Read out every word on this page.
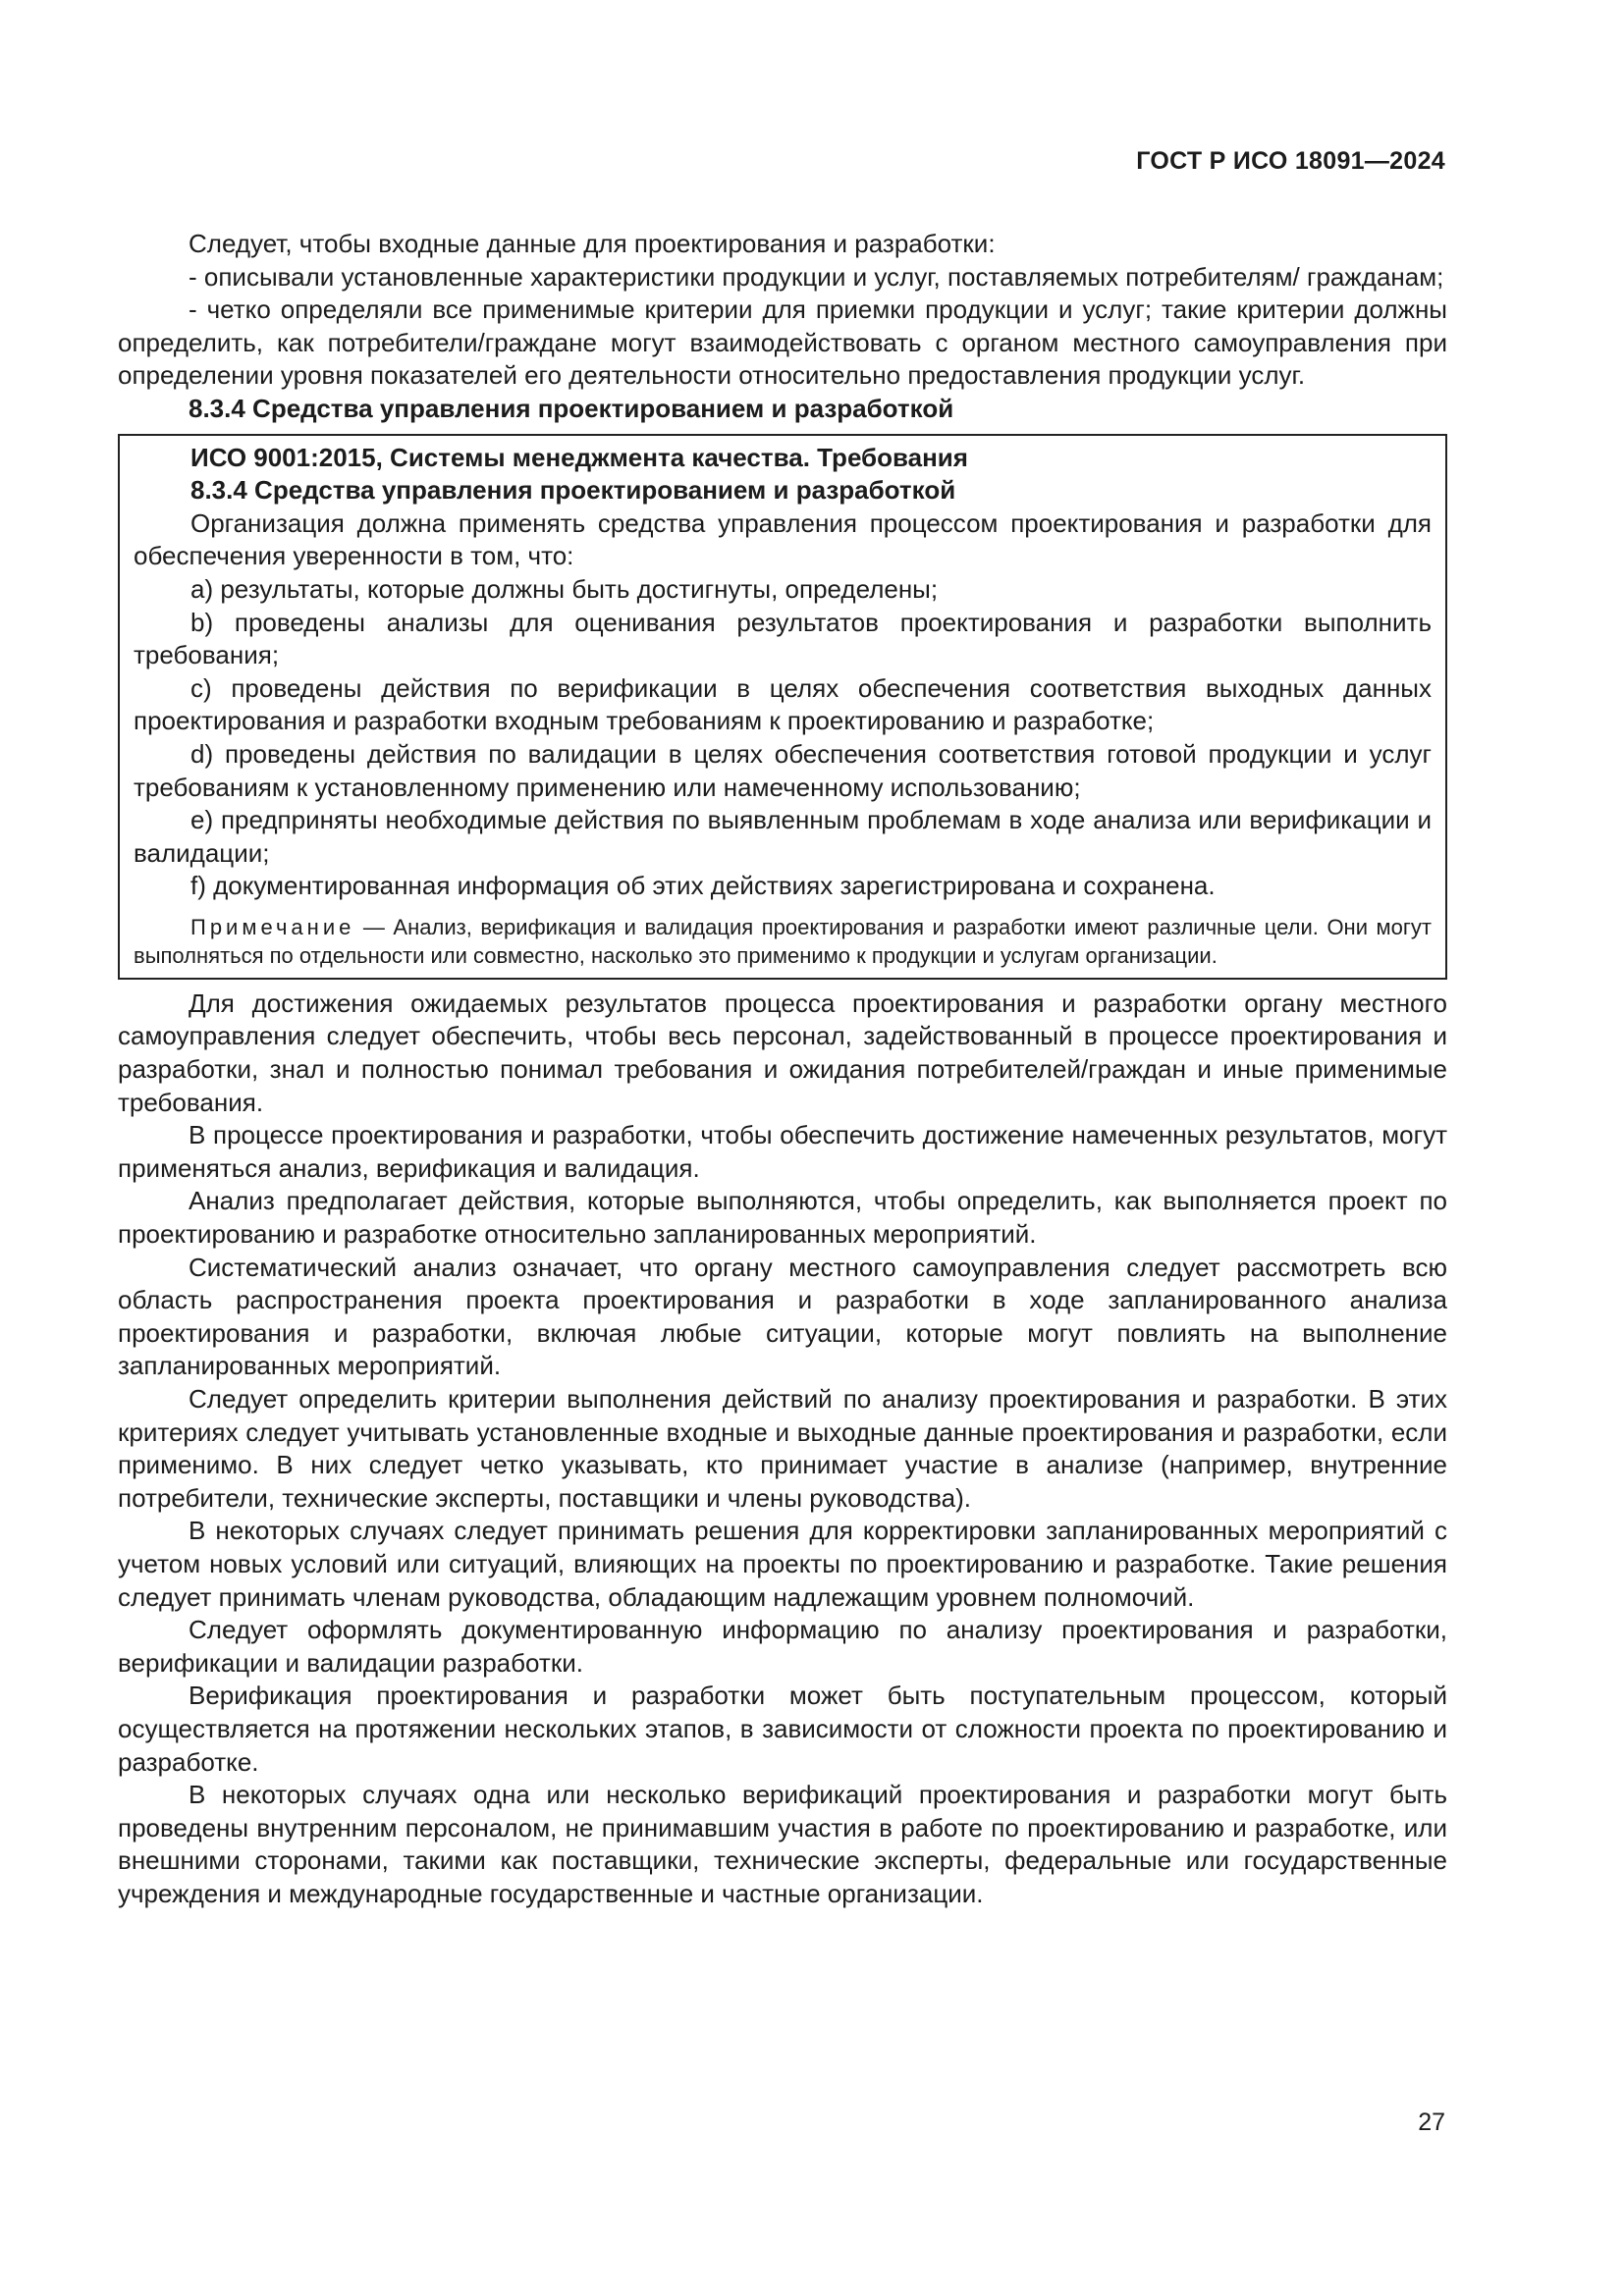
ГОСТ Р ИСО 18091—2024

Следует, чтобы входные данные для проектирования и разработки:

- описывали установленные характеристики продукции и услуг, поставляемых потребителям/ гражданам;

- четко определяли все применимые критерии для приемки продукции и услуг; такие критерии должны определить, как потребители/граждане могут взаимодействовать с органом местного самоуправления при определении уровня показателей его деятельности относительно предоставления продукции услуг.

8.3.4 Средства управления проектированием и разработкой
ИСО 9001:2015, Системы менеджмента качества. Требования
8.3.4 Средства управления проектированием и разработкой

Организация должна применять средства управления процессом проектирования и разработки для обеспечения уверенности в том, что:

a) результаты, которые должны быть достигнуты, определены;

b) проведены анализы для оценивания результатов проектирования и разработки выполнить требования;

c) проведены действия по верификации в целях обеспечения соответствия выходных данных проектирования и разработки входным требованиям к проектированию и разработке;

d) проведены действия по валидации в целях обеспечения соответствия готовой продукции и услуг требованиям к установленному применению или намеченному использованию;

e) предприняты необходимые действия по выявленным проблемам в ходе анализа или верификации и валидации;

f) документированная информация об этих действиях зарегистрирована и сохранена.

Примечание — Анализ, верификация и валидация проектирования и разработки имеют различные цели. Они могут выполняться по отдельности или совместно, насколько это применимо к продукции и услугам организации.

Для достижения ожидаемых результатов процесса проектирования и разработки органу местного самоуправления следует обеспечить, чтобы весь персонал, задействованный в процессе проектирования и разработки, знал и полностью понимал требования и ожидания потребителей/граждан и иные применимые требования.

В процессе проектирования и разработки, чтобы обеспечить достижение намеченных результатов, могут применяться анализ, верификация и валидация.

Анализ предполагает действия, которые выполняются, чтобы определить, как выполняется проект по проектированию и разработке относительно запланированных мероприятий.

Систематический анализ означает, что органу местного самоуправления следует рассмотреть всю область распространения проекта проектирования и разработки в ходе запланированного анализа проектирования и разработки, включая любые ситуации, которые могут повлиять на выполнение запланированных мероприятий.

Следует определить критерии выполнения действий по анализу проектирования и разработки. В этих критериях следует учитывать установленные входные и выходные данные проектирования и разработки, если применимо. В них следует четко указывать, кто принимает участие в анализе (например, внутренние потребители, технические эксперты, поставщики и члены руководства).

В некоторых случаях следует принимать решения для корректировки запланированных мероприятий с учетом новых условий или ситуаций, влияющих на проекты по проектированию и разработке. Такие решения следует принимать членам руководства, обладающим надлежащим уровнем полномочий.

Следует оформлять документированную информацию по анализу проектирования и разработки, верификации и валидации разработки.

Верификация проектирования и разработки может быть поступательным процессом, который осуществляется на протяжении нескольких этапов, в зависимости от сложности проекта по проектированию и разработке.

В некоторых случаях одна или несколько верификаций проектирования и разработки могут быть проведены внутренним персоналом, не принимавшим участия в работе по проектированию и разработке, или внешними сторонами, такими как поставщики, технические эксперты, федеральные или государственные учреждения и международные государственные и частные организации.

27
